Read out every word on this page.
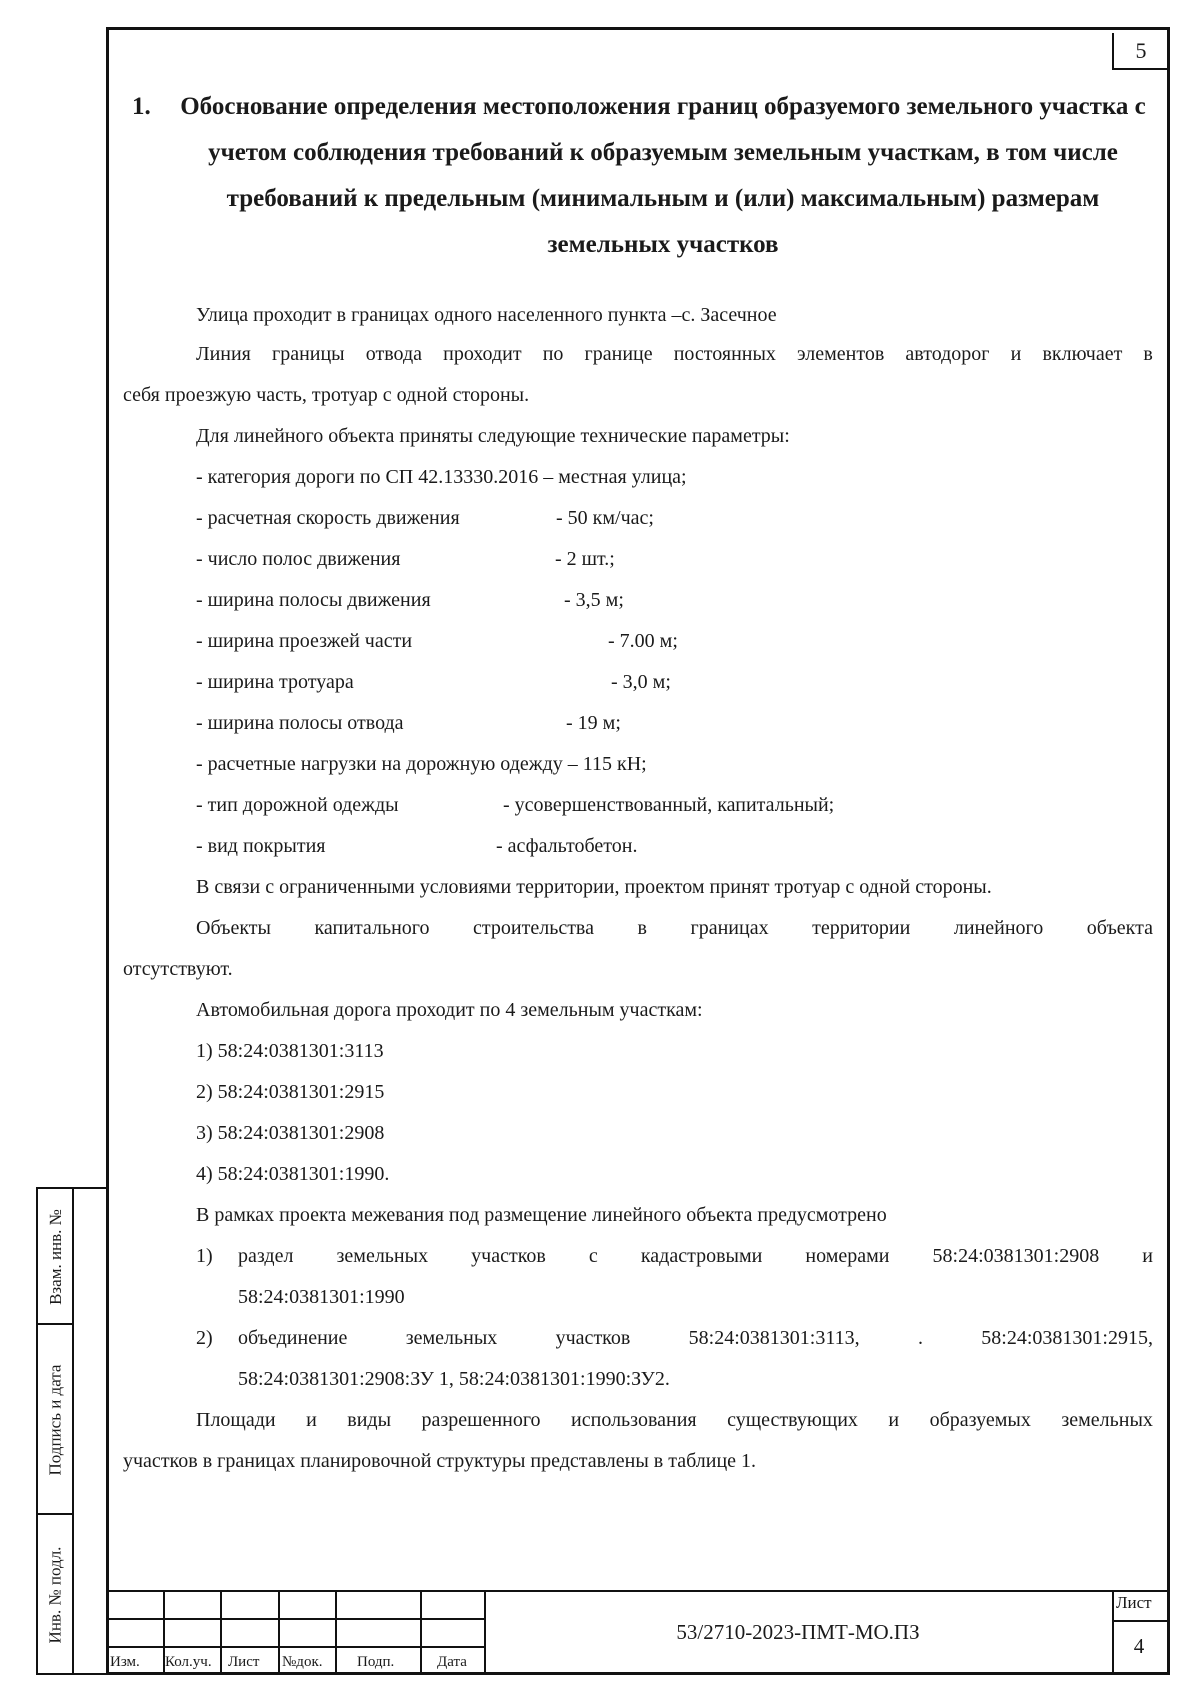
5
Взам. инв. №
Подпись и дата
Инв. № подл.
1.	Обоснование определения местоположения границ образуемого земельного участка с учетом соблюдения требований к образуемым земельным участкам, в том числе требований к предельным (минимальным и (или) максимальным) размерам земельных участков
Улица проходит в границах одного населенного пункта –с. Засечное
Линия границы отвода проходит по границе постоянных элементов автодорог и включает в
себя проезжую часть, тротуар с одной стороны.
Для линейного объекта приняты следующие технические параметры:
- категория дороги по СП 42.13330.2016 – местная улица;
- расчетная скорость движения	- 50 км/час;
- число полос движения	- 2 шт.;
- ширина полосы движения	- 3,5 м;
- ширина проезжей части	- 7.00 м;
- ширина тротуара	- 3,0 м;
- ширина полосы отвода	- 19 м;
- расчетные нагрузки на дорожную одежду – 115 кН;
- тип дорожной одежды	- усовершенствованный, капитальный;
- вид покрытия	- асфальтобетон.
В связи с ограниченными условиями территории, проектом принят тротуар с одной стороны.
Объекты капитального строительства в границах территории линейного объекта
отсутствуют.
Автомобильная дорога проходит по 4 земельным участкам:
1) 58:24:0381301:3113
2) 58:24:0381301:2915
3) 58:24:0381301:2908
4) 58:24:0381301:1990.
В рамках проекта межевания под размещение линейного объекта предусмотрено
1) раздел земельных участков с кадастровыми номерами 58:24:0381301:2908 и
58:24:0381301:1990
2) объединение	земельных	участков	58:24:0381301:3113,	.	58:24:0381301:2915,
58:24:0381301:2908:ЗУ 1, 58:24:0381301:1990:ЗУ2.
Площади и виды разрешенного использования существующих и образуемых земельных
участков в границах планировочной структуры представлены в таблице 1.
Изм. Кол.уч. Лист №док. Подп.	Дата
53/2710-2023-ПМТ-МО.ПЗ
Лист
4
